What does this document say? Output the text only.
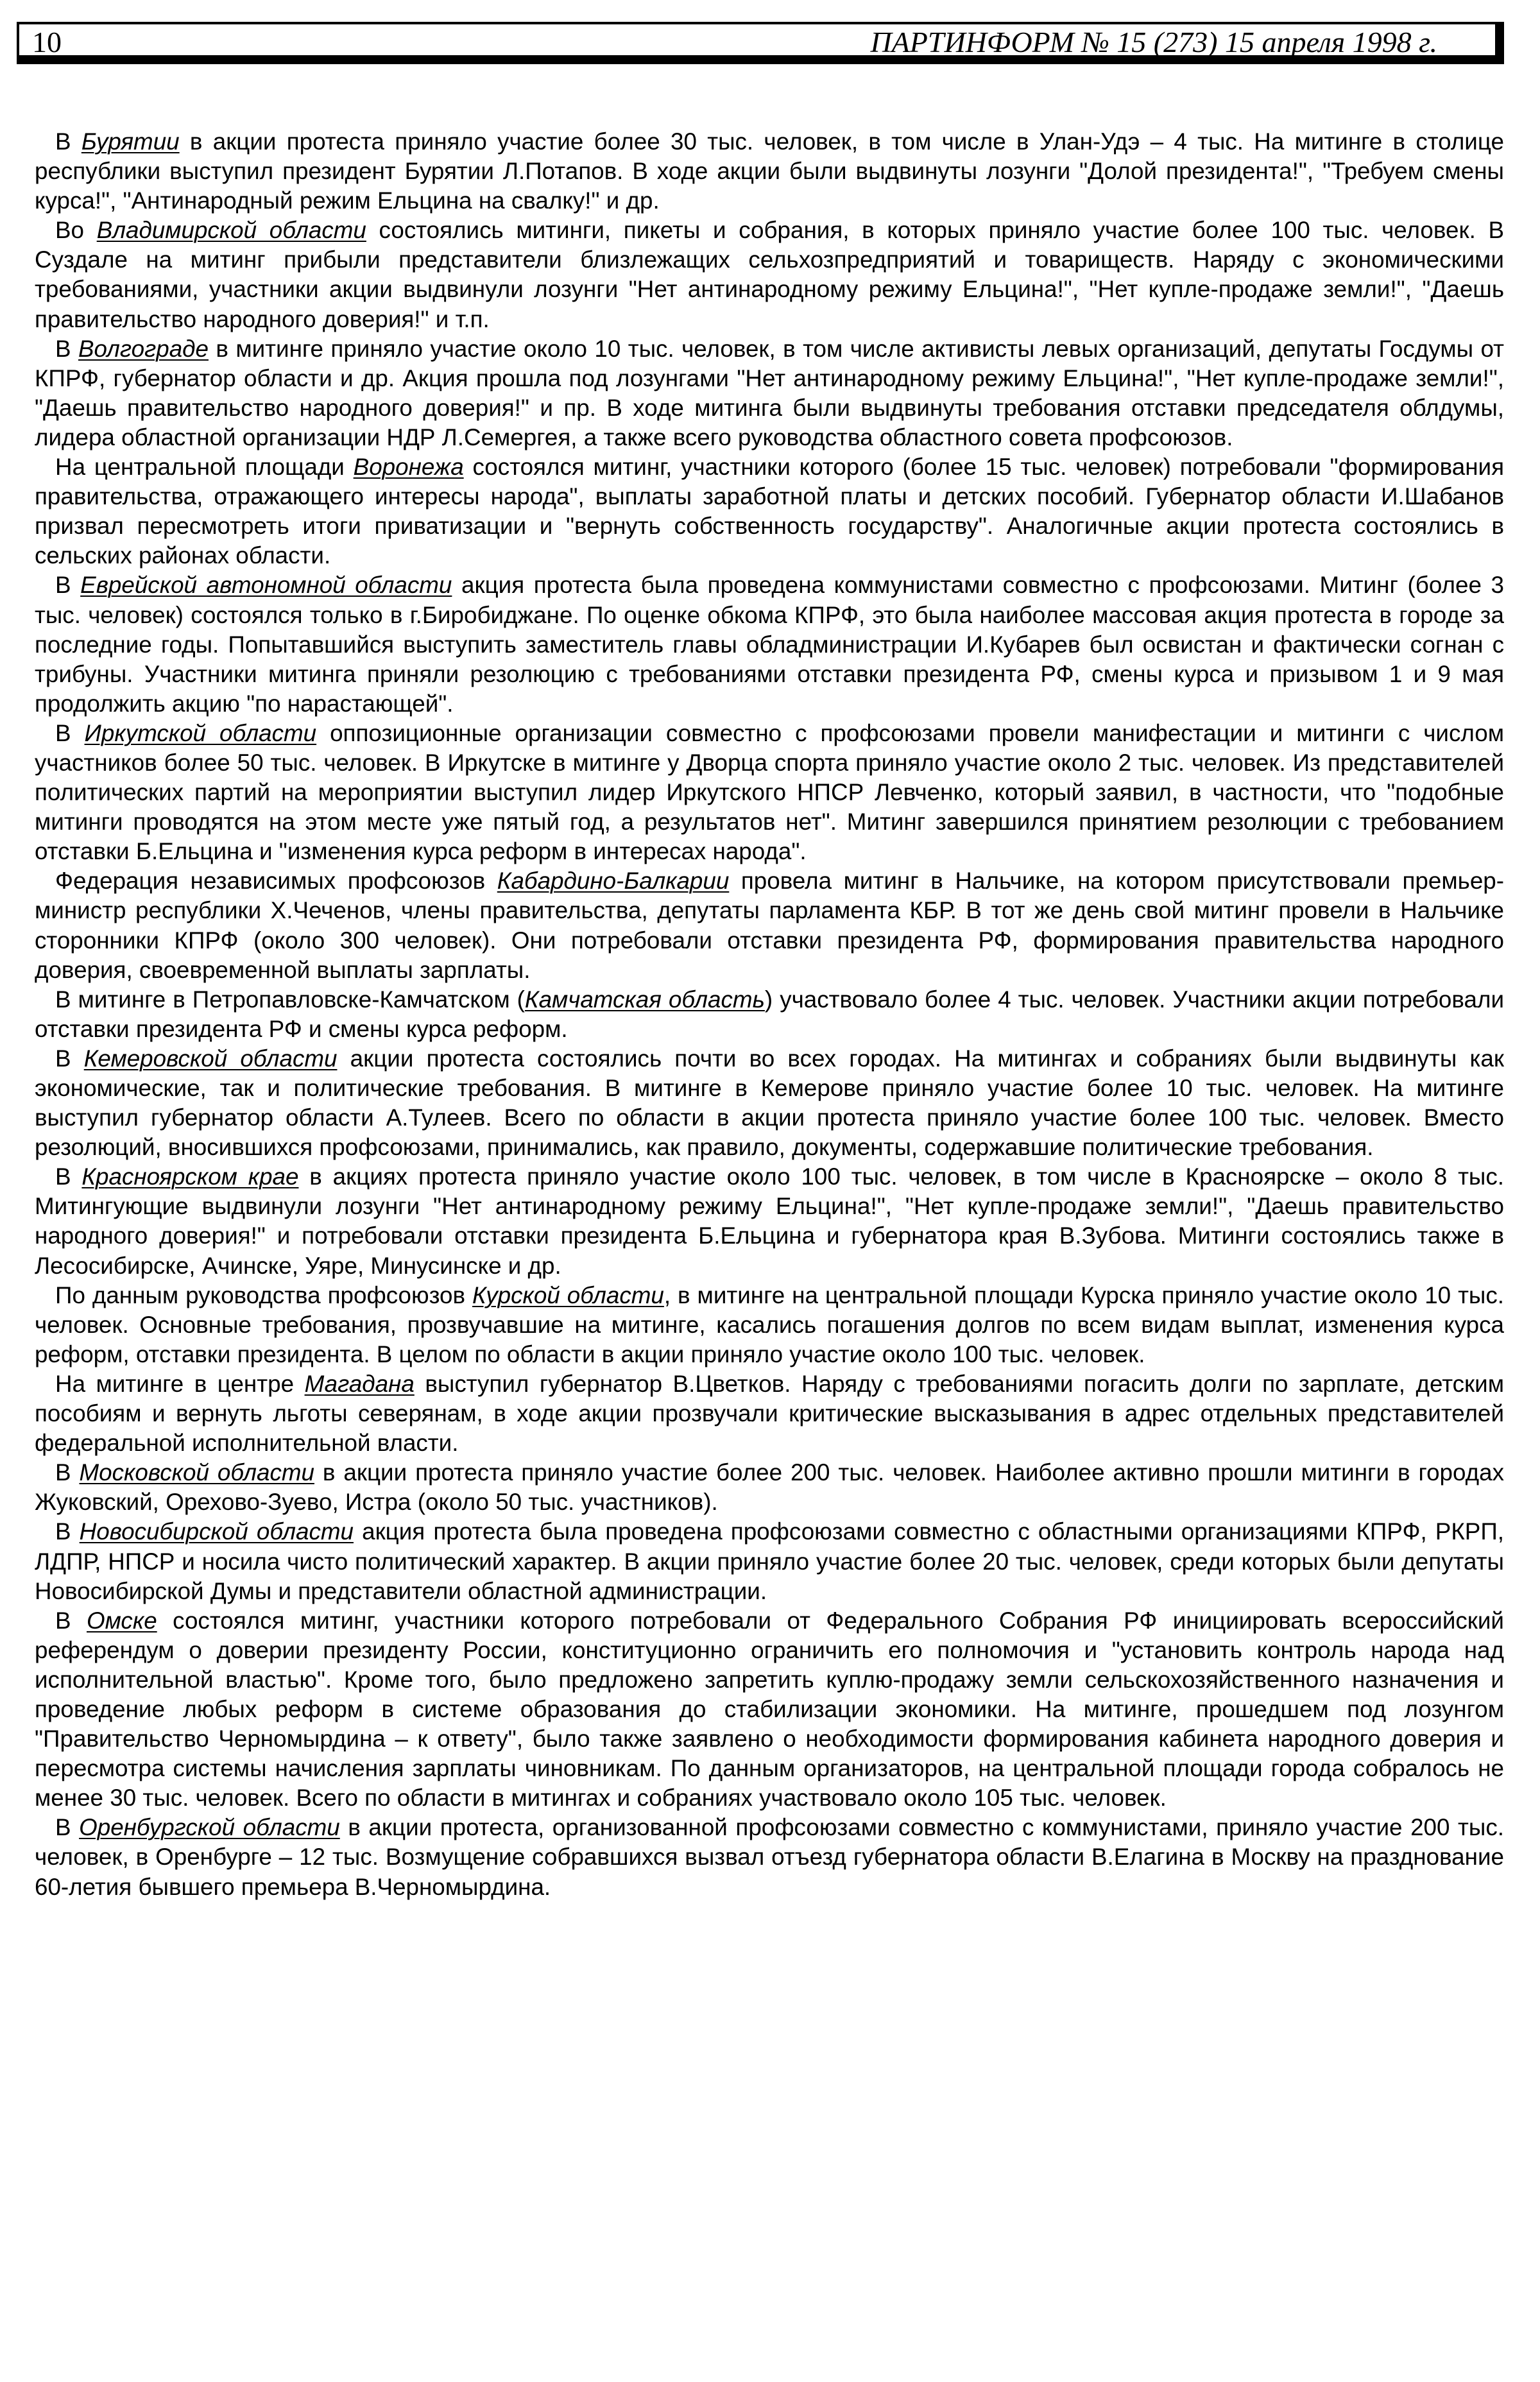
10	ПАРТИНФОРМ № 15 (273) 15 апреля 1998 г.

В Бурятии в акции протеста приняло участие более 30 тыс. человек, в том числе в Улан-Удэ – 4 тыс. На митинге в столице республики выступил президент Бурятии Л.Потапов. В ходе акции были выдвинуты лозунги "Долой президента!", "Требуем смены курса!", "Антинародный режим Ельцина на свалку!" и др.

Во Владимирской области состоялись митинги, пикеты и собрания, в которых приняло участие более 100 тыс. человек. В Суздале на митинг прибыли представители близлежащих сельхозпредприятий и товариществ. Наряду с экономическими требованиями, участники акции выдвинули лозунги "Нет антинародному режиму Ельцина!", "Нет купле-продаже земли!", "Даешь правительство народного доверия!" и т.п.

В Волгограде в митинге приняло участие около 10 тыс. человек, в том числе активисты левых организаций, депутаты Госдумы от КПРФ, губернатор области и др. Акция прошла под лозунгами "Нет антинародному режиму Ельцина!", "Нет купле-продаже земли!", "Даешь правительство народного доверия!" и пр. В ходе митинга были выдвинуты требования отставки председателя облдумы, лидера областной организации НДР Л.Семергея, а также всего руководства областного совета профсоюзов.

На центральной площади Воронежа состоялся митинг, участники которого (более 15 тыс. человек) потребовали "формирования правительства, отражающего интересы народа", выплаты заработной платы и детских пособий. Губернатор области И.Шабанов призвал пересмотреть итоги приватизации и "вернуть собственность государству". Аналогичные акции протеста состоялись в сельских районах области.

В Еврейской автономной области акция протеста была проведена коммунистами совместно с профсоюзами. Митинг (более 3 тыс. человек) состоялся только в г.Биробиджане. По оценке обкома КПРФ, это была наиболее массовая акция протеста в городе за последние годы. Попытавшийся выступить заместитель главы обладминистрации И.Кубарев был освистан и фактически согнан с трибуны. Участники митинга приняли резолюцию с требованиями отставки президента РФ, смены курса и призывом 1 и 9 мая продолжить акцию "по нарастающей".

В Иркутской области оппозиционные организации совместно с профсоюзами провели манифестации и митинги с числом участников более 50 тыс. человек. В Иркутске в митинге у Дворца спорта приняло участие около 2 тыс. человек. Из представителей политических партий на мероприятии выступил лидер Иркутского НПСР Левченко, который заявил, в частности, что "подобные митинги проводятся на этом месте уже пятый год, а результатов нет". Митинг завершился принятием резолюции с требованием отставки Б.Ельцина и "изменения курса реформ в интересах народа".

Федерация независимых профсоюзов Кабардино-Балкарии провела митинг в Нальчике, на котором присутствовали премьер-министр республики Х.Чеченов, члены правительства, депутаты парламента КБР. В тот же день свой митинг провели в Нальчике сторонники КПРФ (около 300 человек). Они потребовали отставки президента РФ, формирования правительства народного доверия, своевременной выплаты зарплаты.

В митинге в Петропавловске-Камчатском (Камчатская область) участвовало более 4 тыс. человек. Участники акции потребовали отставки президента РФ и смены курса реформ.

В Кемеровской области акции протеста состоялись почти во всех городах. На митингах и собраниях были выдвинуты как экономические, так и политические требования. В митинге в Кемерове приняло участие более 10 тыс. человек. На митинге выступил губернатор области А.Тулеев. Всего по области в акции протеста приняло участие более 100 тыс. человек. Вместо резолюций, вносившихся профсоюзами, принимались, как правило, документы, содержавшие политические требования.

В Красноярском крае в акциях протеста приняло участие около 100 тыс. человек, в том числе в Красноярске – около 8 тыс. Митингующие выдвинули лозунги "Нет антинародному режиму Ельцина!", "Нет купле-продаже земли!", "Даешь правительство народного доверия!" и потребовали отставки президента Б.Ельцина и губернатора края В.Зубова. Митинги состоялись также в Лесосибирске, Ачинске, Уяре, Минусинске и др.

По данным руководства профсоюзов Курской области, в митинге на центральной площади Курска приняло участие около 10 тыс. человек. Основные требования, прозвучавшие на митинге, касались погашения долгов по всем видам выплат, изменения курса реформ, отставки президента. В целом по области в акции приняло участие около 100 тыс. человек.

На митинге в центре Магадана выступил губернатор В.Цветков. Наряду с требованиями погасить долги по зарплате, детским пособиям и вернуть льготы северянам, в ходе акции прозвучали критические высказывания в адрес отдельных представителей федеральной исполнительной власти.

В Московской области в акции протеста приняло участие более 200 тыс. человек. Наиболее активно прошли митинги в городах Жуковский, Орехово-Зуево, Истра (около 50 тыс. участников).

В Новосибирской области акция протеста была проведена профсоюзами совместно с областными организациями КПРФ, РКРП, ЛДПР, НПСР и носила чисто политический характер. В акции приняло участие более 20 тыс. человек, среди которых были депутаты Новосибирской Думы и представители областной администрации.

В Омске состоялся митинг, участники которого потребовали от Федерального Собрания РФ инициировать всероссийский референдум о доверии президенту России, конституционно ограничить его полномочия и "установить контроль народа над исполнительной властью". Кроме того, было предложено запретить куплю-продажу земли сельскохозяйственного назначения и проведение любых реформ в системе образования до стабилизации экономики. На митинге, прошедшем под лозунгом "Правительство Черномырдина – к ответу", было также заявлено о необходимости формирования кабинета народного доверия и пересмотра системы начисления зарплаты чиновникам. По данным организаторов, на центральной площади города собралось не менее 30 тыс. человек. Всего по области в митингах и собраниях участвовало около 105 тыс. человек.

В Оренбургской области в акции протеста, организованной профсоюзами совместно с коммунистами, приняло участие 200 тыс. человек, в Оренбурге – 12 тыс. Возмущение собравшихся вызвал отъезд губернатора области В.Елагина в Москву на празднование 60-летия бывшего премьера В.Черномырдина.
